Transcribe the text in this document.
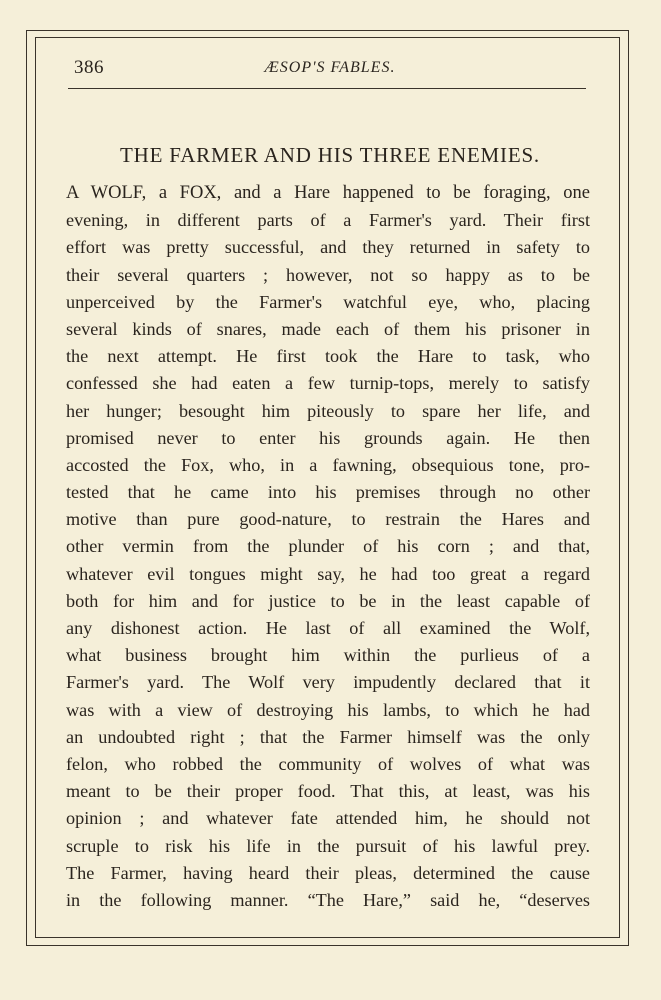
386	ÆSOP'S FABLES.
THE FARMER AND HIS THREE ENEMIES.
A WOLF, a FOX, and a Hare happened to be foraging, one
evening, in different parts of a Farmer's yard. Their first
effort was pretty successful, and they returned in safety to
their several quarters ; however, not so happy as to be
unperceived by the Farmer's watchful eye, who, placing
several kinds of snares, made each of them his prisoner in
the next attempt. He first took the Hare to task, who
confessed she had eaten a few turnip-tops, merely to satisfy
her hunger; besought him piteously to spare her life, and
promised never to enter his grounds again. He then
accosted the Fox, who, in a fawning, obsequious tone, pro-
tested that he came into his premises through no other
motive than pure good-nature, to restrain the Hares and
other vermin from the plunder of his corn ; and that,
whatever evil tongues might say, he had too great a regard
both for him and for justice to be in the least capable of
any dishonest action. He last of all examined the Wolf,
what business brought him within the purlieus of a
Farmer's yard. The Wolf very impudently declared that it
was with a view of destroying his lambs, to which he had
an undoubted right ; that the Farmer himself was the only
felon, who robbed the community of wolves of what was
meant to be their proper food. That this, at least, was his
opinion ; and whatever fate attended him, he should not
scruple to risk his life in the pursuit of his lawful prey.
The Farmer, having heard their pleas, determined the cause
in the following manner. “The Hare,” said he, “deserves
